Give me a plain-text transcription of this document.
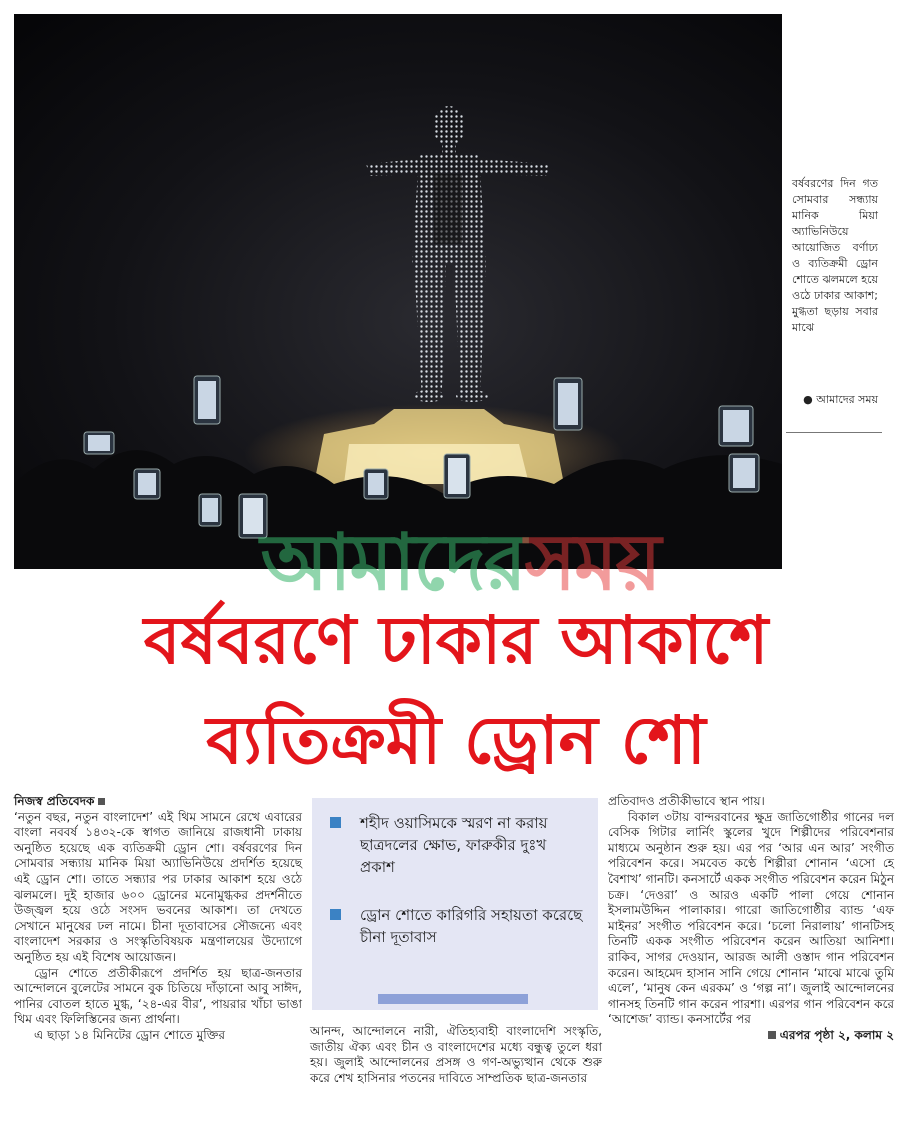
বর্ষবরণের দিন গত সোমবার সন্ধ্যায় মানিক মিয়া অ্যাভিনিউয়ে আয়োজিত বর্ণাঢ্য ও ব্যতিক্রমী ড্রোন শোতে ঝলমলে হয়ে ওঠে ঢাকার আকাশ; মুগ্ধতা ছড়ায় সবার মাঝে
● আমাদের সময়
আমাদেরসময়
বর্ষবরণে ঢাকার আকাশে
ব্যতিক্রমী ড্রোন শো

নিজস্ব প্রতিবেদক

‘নতুন বছর, নতুন বাংলাদেশ’ এই থিম সামনে রেখে এবারের বাংলা নববর্ষ ১৪৩২-কে স্বাগত জানিয়ে রাজধানী ঢাকায় অনুষ্ঠিত হয়েছে এক ব্যতিক্রমী ড্রোন শো। বর্ষবরণের দিন সোমবার সন্ধ্যায় মানিক মিয়া অ্যাভিনিউয়ে প্রদর্শিত হয়েছে এই ড্রোন শো। তাতে সন্ধ্যার পর ঢাকার আকাশ হয়ে ওঠে ঝলমলে। দুই হাজার ৬০০ ড্রোনের মনোমুগ্ধকর প্রদর্শনীতে উজ্জ্বল হয়ে ওঠে সংসদ ভবনের আকাশ। তা দেখতে সেখানে মানুষের ঢল নামে। চীনা দূতাবাসের সৌজন্যে এবং বাংলাদেশ সরকার ও সংস্কৃতিবিষয়ক মন্ত্রণালয়ের উদ্যোগে অনুষ্ঠিত হয় এই বিশেষ আয়োজন।

ড্রোন শোতে প্রতীকীরূপে প্রদর্শিত হয় ছাত্র-জনতার আন্দোলনে বুলেটের সামনে বুক চিতিয়ে দাঁড়ানো আবু সাঈদ, পানির বোতল হাতে মুগ্ধ, ‘২৪-এর বীর’, পায়রার খাঁচা ভাঙা থিম এবং ফিলিস্তিনের জন্য প্রার্থনা।

এ ছাড়া ১৪ মিনিটের ড্রোন শোতে মুক্তির

শহীদ ওয়াসিমকে স্মরণ না করায় ছাত্রদলের ক্ষোভ, ফারুকীর দুঃখ প্রকাশ
ড্রোন শোতে কারিগরি সহায়তা করেছে চীনা দূতাবাস

আনন্দ, আন্দোলনে নারী, ঐতিহ্যবাহী বাংলাদেশি সংস্কৃতি, জাতীয় ঐক্য এবং চীন ও বাংলাদেশের মধ্যে বন্ধুত্ব তুলে ধরা হয়। জুলাই আন্দোলনের প্রসঙ্গ ও গণ-অভ্যুত্থান থেকে শুরু করে শেখ হাসিনার পতনের দাবিতে সাম্প্রতিক ছাত্র-জনতার

প্রতিবাদও প্রতীকীভাবে স্থান পায়।

বিকাল ৩টায় বান্দরবানের ক্ষুদ্র জাতিগোষ্ঠীর গানের দল বেসিক গিটার লার্নিং স্কুলের খুদে শিল্পীদের পরিবেশনার মাধ্যমে অনুষ্ঠান শুরু হয়। এর পর ‘আর এন আর’ সংগীত পরিবেশন করে। সমবেত কণ্ঠে শিল্পীরা শোনান ‘এসো হে বৈশাখ’ গানটি। কনসার্টে একক সংগীত পরিবেশন করেন মিঠুন চক্র। ‘দেওরা’ ও আরও একটি পালা গেয়ে শোনান ইসলামউদ্দিন পালাকার। গারো জাতিগোষ্ঠীর ব্যান্ড ‘এফ মাইনর’ সংগীত পরিবেশন করে। ‘চলো নিরালায়’ গানটিসহ তিনটি একক সংগীত পরিবেশন করেন আতিয়া আনিশা। রাকিব, সাগর দেওয়ান, আরজ আলী ওস্তাদ গান পরিবেশন করেন। আহমেদ হাসান সানি গেয়ে শোনান ‘মাঝে মাঝে তুমি এলে’, ‘মানুষ কেন এরকম’ ও ‘গল্প না’। জুলাই আন্দোলনের গানসহ তিনটি গান করেন পারশা। এরপর গান পরিবেশন করে ‘আশেজ’ ব্যান্ড। কনসার্টের পর

এরপর পৃষ্ঠা ২, কলাম ২
